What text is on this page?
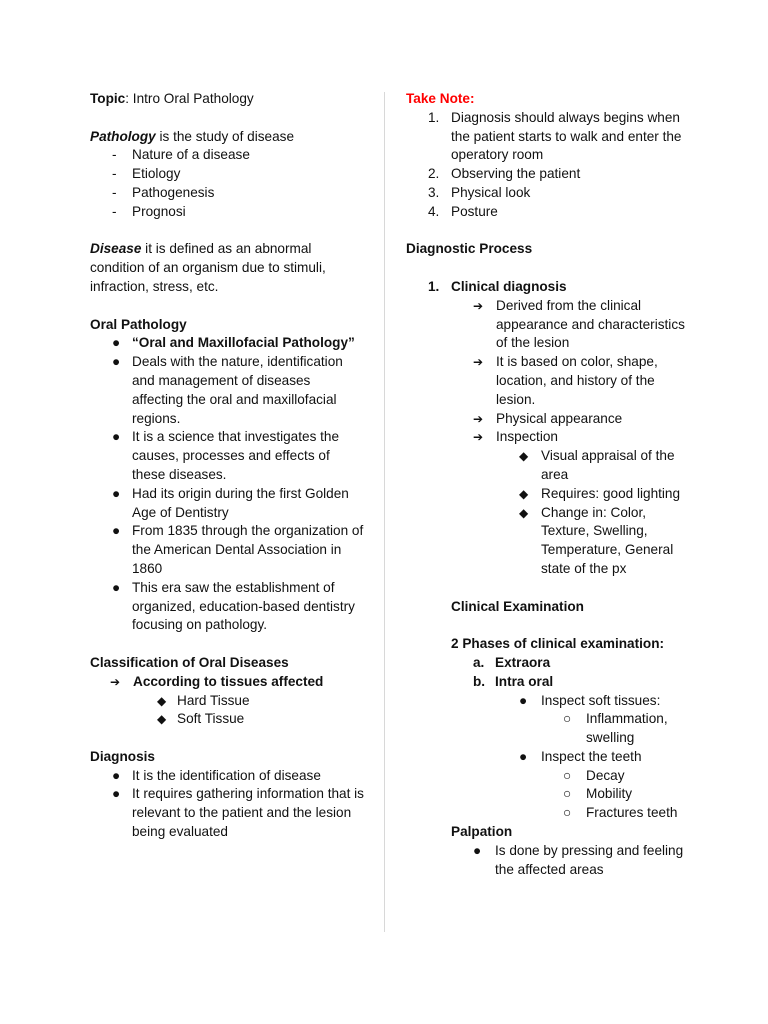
Topic: Intro Oral Pathology

Pathology is the study of disease

-	Nature of a disease
-	Etiology
-	Pathogenesis
-	Prognosi

Disease it is defined as an abnormal condition of an organism due to stimuli, infraction, stress, etc.

Oral Pathology

● “Oral and Maxillofacial Pathology”
● Deals with the nature, identification and management of diseases affecting the oral and maxillofacial regions.
● It is a science that investigates the causes, processes and effects of these diseases.
● Had its origin during the first Golden Age of Dentistry
● From 1835 through the organization of the American Dental Association in 1860
● This era saw the establishment of organized, education-based dentistry focusing on pathology.

Classification of Oral Diseases

➔ According to tissues affected
◆ Hard Tissue
◆ Soft Tissue

Diagnosis

● It is the identification of disease
● It requires gathering information that is relevant to the patient and the lesion being evaluated

Take Note:

1. Diagnosis should always begins when the patient starts to walk and enter the operatory room
2. Observing the patient
3. Physical look
4. Posture

Diagnostic Process

1. Clinical diagnosis
➔ Derived from the clinical appearance and characteristics of the lesion
➔ It is based on color, shape, location, and history of the lesion.
➔ Physical appearance
➔ Inspection
◆ Visual appraisal of the area
◆ Requires: good lighting
◆ Change in: Color, Texture, Swelling, Temperature, General state of the px

Clinical Examination

2 Phases of clinical examination:

a. Extraora
b. Intra oral
●	Inspect soft tissues:
○	Inflammation, swelling
●	Inspect the teeth
○	Decay
○	Mobility
○	Fractures teeth

Palpation

●	Is done by pressing and feeling the affected areas
